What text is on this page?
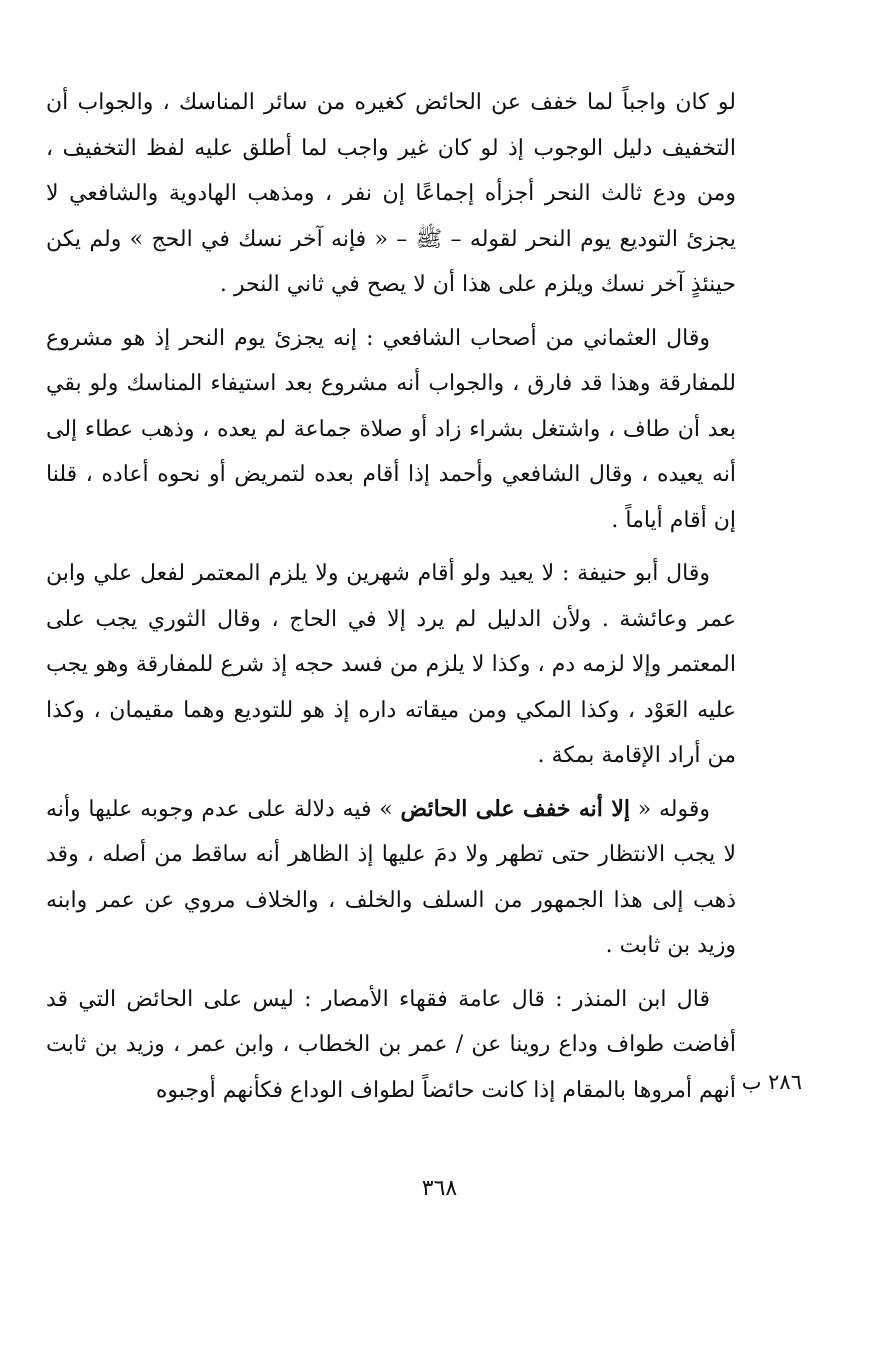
لو كان واجباً لما خفف عن الحائض كغيره من سائر المناسك ، والجواب أن التخفيف دليل الوجوب إذ لو كان غير واجب لما أطلق عليه لفظ التخفيف ، ومن ودع ثالث النحر أجزأه إجماعًا إن نفر ، ومذهب الهادوية والشافعي لا يجزئ التوديع يوم النحر لقوله – ﷺ – « فإنه آخر نسك في الحج » ولم يكن حينئذٍ آخر نسك ويلزم على هذا أن لا يصح في ثاني النحر .

وقال العثماني من أصحاب الشافعي : إنه يجزئ يوم النحر إذ هو مشروع للمفارقة وهذا قد فارق ، والجواب أنه مشروع بعد استيفاء المناسك ولو بقي بعد أن طاف ، واشتغل بشراء زاد أو صلاة جماعة لم يعده ، وذهب عطاء إلى أنه يعيده ، وقال الشافعي وأحمد إذا أقام بعده لتمريض أو نحوه أعاده ، قلنا إن أقام أياماً .

وقال أبو حنيفة : لا يعيد ولو أقام شهرين ولا يلزم المعتمر لفعل علي وابن عمر وعائشة . ولأن الدليل لم يرد إلا في الحاج ، وقال الثوري يجب على المعتمر وإلا لزمه دم ، وكذا لا يلزم من فسد حجه إذ شرع للمفارقة وهو يجب عليه العَوْد ، وكذا المكي ومن ميقاته داره إذ هو للتوديع وهما مقيمان ، وكذا من أراد الإقامة بمكة .

وقوله « إلا أنه خفف على الحائض » فيه دلالة على عدم وجوبه عليها وأنه لا يجب الانتظار حتى تطهر ولا دمَ عليها إذ الظاهر أنه ساقط من أصله ، وقد ذهب إلى هذا الجمهور من السلف والخلف ، والخلاف مروي عن عمر وابنه وزيد بن ثابت .

قال ابن المنذر : قال عامة فقهاء الأمصار : ليس على الحائض التي قد أفاضت طواف وداع روينا عن / عمر بن الخطاب ، وابن عمر ، وزيد بن ثابت أنهم أمروها بالمقام إذا كانت حائضاً لطواف الوداع فكأنهم أوجبوه ٢٨٦ ب
٣٦٨
